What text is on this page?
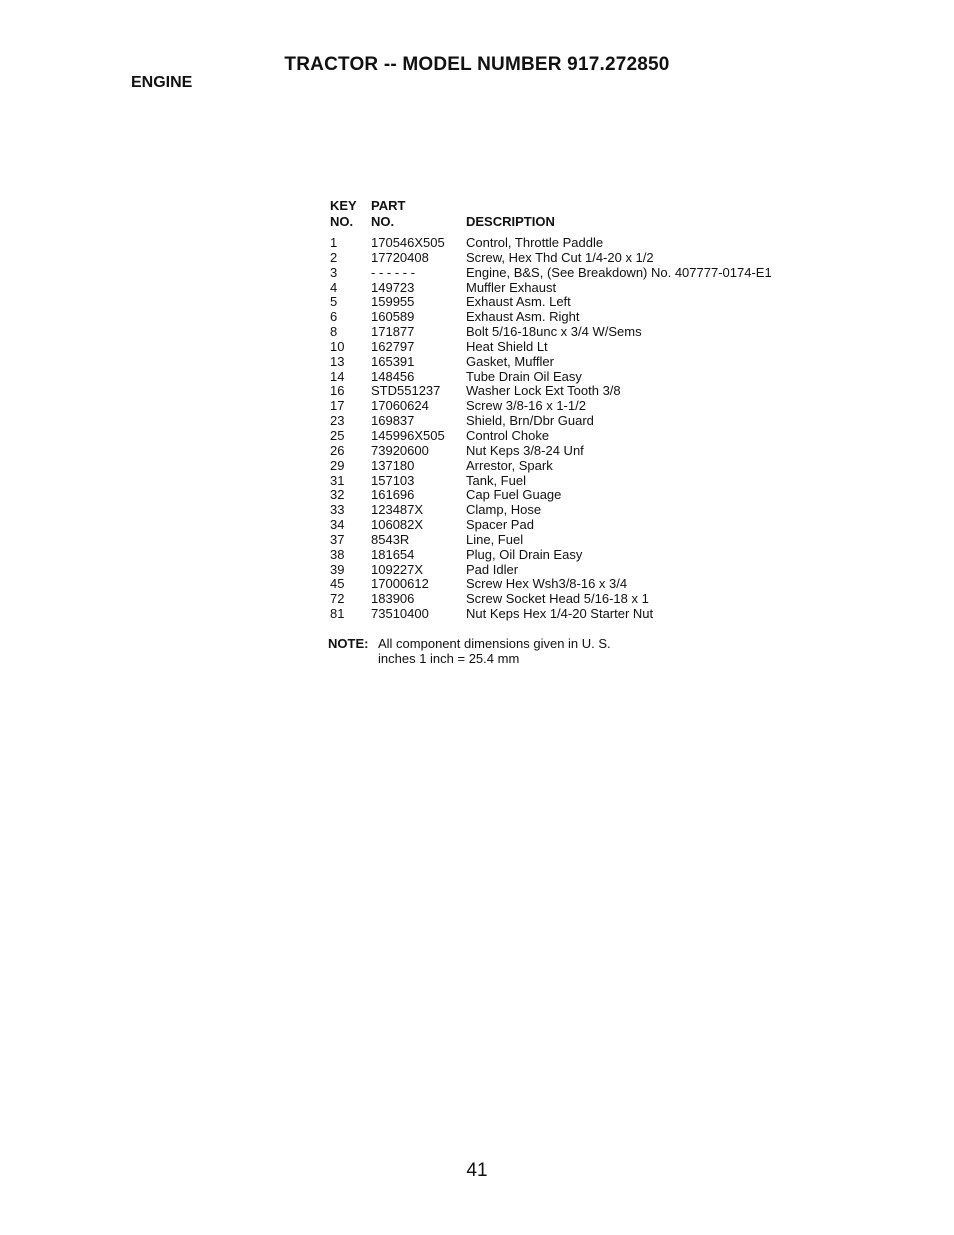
TRACTOR -- MODEL NUMBER 917.272850
ENGINE
KEY	PART	
NO.	NO.	DESCRIPTION

1	170546X505	Control, Throttle Paddle
2	17720408	Screw, Hex Thd Cut 1/4-20 x 1/2
3	- - - - - -	Engine, B&S, (See Breakdown) No. 407777-0174-E1
4	149723	Muffler Exhaust
5	159955	Exhaust Asm. Left
6	160589	Exhaust Asm. Right
8	171877	Bolt 5/16-18unc x 3/4 W/Sems
10	162797	Heat Shield Lt
13	165391	Gasket, Muffler
14	148456	Tube Drain Oil Easy
16	STD551237	Washer Lock Ext Tooth 3/8
17	17060624	Screw 3/8-16 x 1-1/2
23	169837	Shield, Brn/Dbr Guard
25	145996X505	Control Choke
26	73920600	Nut Keps 3/8-24 Unf
29	137180	Arrestor, Spark
31	157103	Tank, Fuel
32	161696	Cap Fuel Guage
33	123487X	Clamp, Hose
34	106082X	Spacer Pad
37	8543R	Line, Fuel
38	181654	Plug, Oil Drain Easy
39	109227X	Pad Idler
45	17000612	Screw Hex Wsh3/8-16 x 3/4
72	183906	Screw Socket Head 5/16-18 x 1
81	73510400	Nut Keps Hex 1/4-20 Starter Nut
NOTE: All component dimensions given in U. S.
inches 1 inch = 25.4 mm
41
